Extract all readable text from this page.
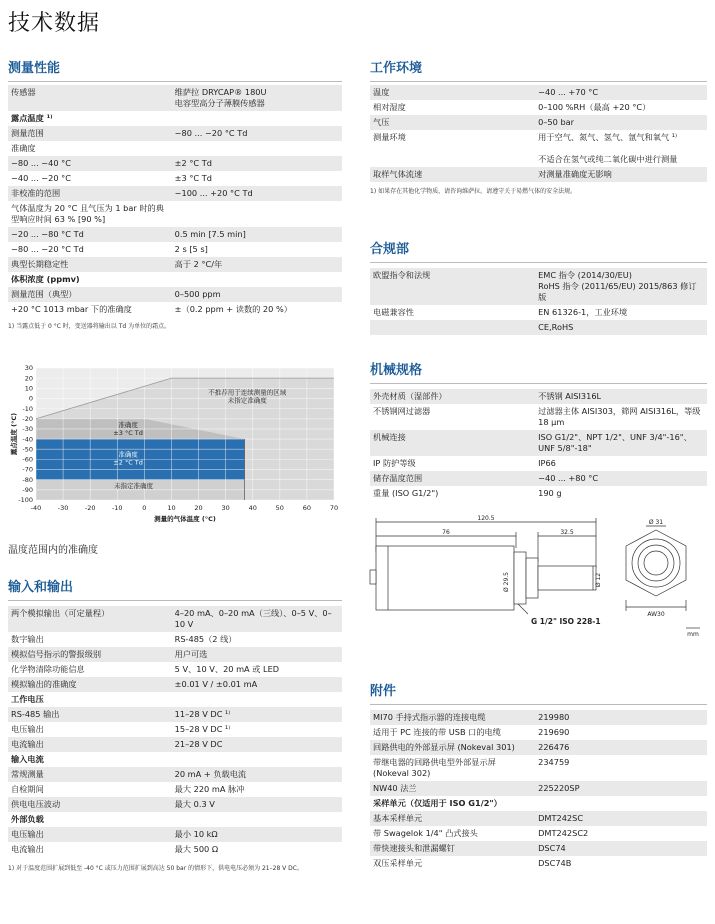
技术数据
测量性能
传感器	维萨拉 DRYCAP® 180U
电容型高分子薄膜传感器
露点温度 ¹⁾	
测量范围	−80 ... −20 °C Td
准确度	
−80 ... −40 °C	±2 °C Td
−40 ... −20 °C	±3 °C Td
非校准的范围	−100 ... +20 °C Td
气体温度为 20 °C 且气压为 1 bar 时的典型响应时间 63 % [90 %]	
−20 ... −80 °C Td	0.5 min [7.5 min]
−80 ... −20 °C Td	2 s [5 s]
典型长期稳定性	高于 2 °C/年
体积浓度 (ppmv)	
测量范围（典型）	0–500 ppm
+20 °C 1013 mbar 下的准确度	±（0.2 ppm + 读数的 20 %）
1) 当露点低于 0 °C 时，变送器将输出以 Td 为单位的霜点。
30
20
10
0
-10
-20
-30
-40
-50
-60
-70
-80
-90
-100
-40	-30	-20	-10	0	10	20	30	40	50	60	70
测量的气体温度 (°C)
露点温度 (°C)
不推荐用于连续测量的区域
未指定准确度
准确度
±3 °C Td
准确度
±2 °C Td
未指定准确度
温度范围内的准确度
输入和输出
两个模拟输出（可定量程）	4–20 mA、0–20 mA（三线）、0–5 V、0–10 V
数字输出	RS-485（2 线）
模拟信号指示的警报级别	用户可选
化学物清除功能信息	5 V、10 V、20 mA 或 LED
模拟输出的准确度	±0.01 V / ±0.01 mA
工作电压	
RS-485 输出	11–28 V DC ¹⁾
电压输出	15–28 V DC ¹⁾
电流输出	21–28 V DC
输入电流	
常规测量	20 mA + 负载电流
自检期间	最大 220 mA 脉冲
供电电压波动	最大 0.3 V
外部负载	
电压输出	最小 10 kΩ
电流输出	最大 500 Ω
1) 对于温度范围扩展到低至 -40 °C 或压力范围扩展到高达 50 bar 的情形下，供电电压必须为 21–28 V DC。
工作环境
温度	−40 ... +70 °C
相对湿度	0–100 %RH（最高 +20 °C）
气压	0–50 bar
测量环境	用于空气、氮气、氢气、氩气和氧气 ¹⁾

不适合在氢气或纯二氧化碳中进行测量
取样气体流速	对测量准确度无影响
1) 如果存在其他化学物质，请咨询维萨拉。请遵守关于易燃气体的安全法规。
合规部
欧盟指令和法规	EMC 指令 (2014/30/EU)
RoHS 指令 (2011/65/EU) 2015/863 修订版
电磁兼容性	EN 61326-1，工业环境
	CE,RoHS
机械规格
外壳材质（湿部件）	不锈钢 AISI316L
不锈钢网过滤器	过滤器主体 AISI303，筛网 AISI316L，等级 18 µm
机械连接	ISO G1/2"、NPT 1/2"、UNF 3/4"-16"、UNF 5/8"-18"
IP 防护等级	IP66
储存温度范围	−40 ... +80 °C
重量 (ISO G1/2")	190 g
120.5
76	32.5
Ø 29.5	Ø 12
Ø 31
AW30
mm
G 1/2" ISO 228-1
附件
MI70 手持式指示器的连接电缆	219980
适用于 PC 连接的带 USB 口的电缆	219690
回路供电的外部显示屏 (Nokeval 301)	226476
带继电器的回路供电型外部显示屏 (Nokeval 302)	234759
NW40 法兰	225220SP
采样单元（仅适用于 ISO G1/2"）	
基本采样单元	DMT242SC
带 Swagelok 1/4" 凸式接头	DMT242SC2
带快速接头和泄漏螺钉	DSC74
双压采样单元	DSC74B
